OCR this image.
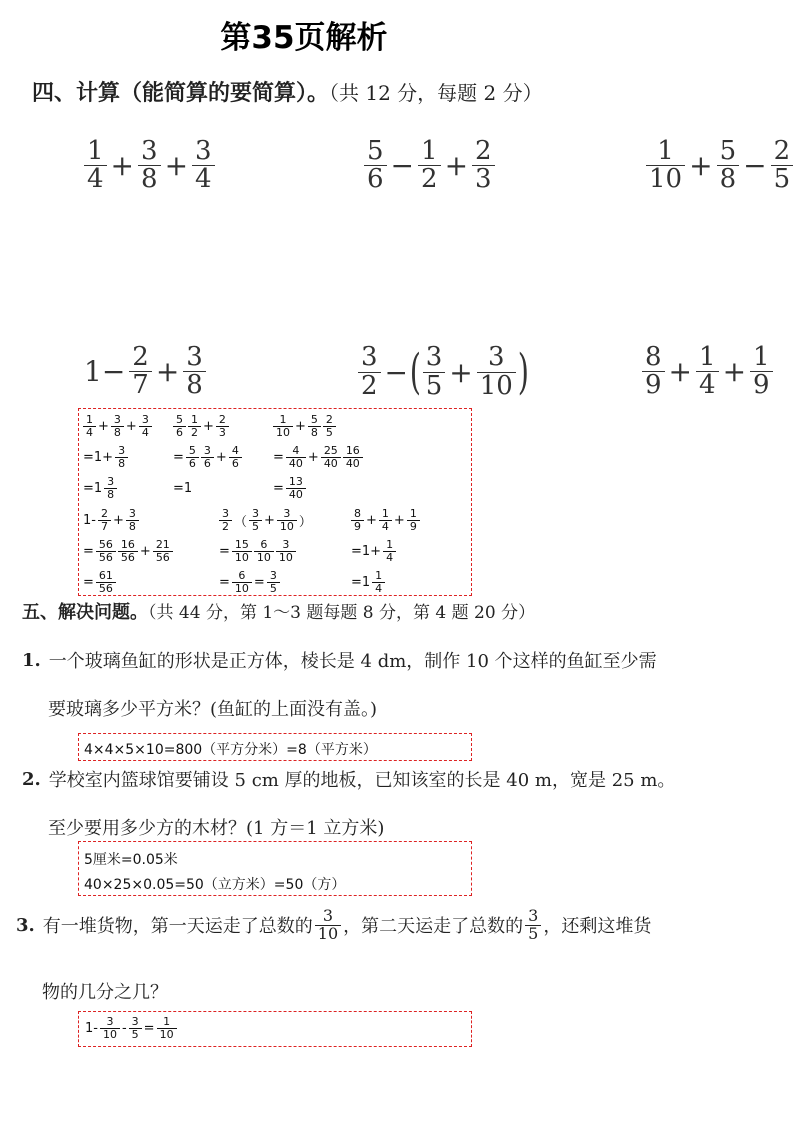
第35页解析
四、计算（能简算的要简算）。（共 12 分，每题 2 分）
$\frac{1}{4} + \frac{3}{8} + \frac{3}{4}$	$\frac{5}{6} - \frac{1}{2} + \frac{2}{3}$	$\frac{1}{10} + \frac{5}{8} - \frac{2}{5}$
$1- \frac{2}{7} + \frac{3}{8}$	$\frac{3}{2}$ − ( $\frac{3}{5} + \frac{3}{10}$ )	$\frac{8}{9} + \frac{1}{4} + \frac{1}{9}$
$\frac{1}{4} + \frac{3}{8} + \frac{3}{4}$
$=1+ \frac{3}{8}$
$=1 \frac{3}{8}$
$\frac{5}{6} \frac{1}{2} + \frac{2}{3}$
= $\frac{5}{6} \frac{3}{6} + \frac{4}{6}$
=1
$\frac{1}{10} + \frac{5}{8} \frac{2}{5}$
= $\frac{4}{40} + \frac{25}{40} \frac{16}{40}$
= $\frac{13}{40}$
$1- \frac{2}{7} + \frac{3}{8}$
= $\frac{56}{56} \frac{16}{56} + \frac{21}{56}$
= $\frac{61}{56}$
$\frac{3}{2}$ （ $\frac{3}{5} + \frac{3}{10}$ ）
= $\frac{15}{10} \frac{6}{10} \frac{3}{10}$
= $\frac{6}{10} = \frac{3}{5}$
$\frac{8}{9} + \frac{1}{4} + \frac{1}{9}$
$=1+ \frac{1}{4}$
$=1 \frac{1}{4}$
五、解决问题。（共 44 分，第 1～3 题每题 8 分，第 4 题 20 分）
1. 一个玻璃鱼缸的形状是正方体，棱长是 4 dm，制作 10 个这样的鱼缸至少需
要玻璃多少平方米？(鱼缸的上面没有盖。)
4×4×5×10=800（平方分米）=8（平方米）
2. 学校室内篮球馆要铺设 5 cm 厚的地板，已知该室的长是 40 m，宽是 25 m。
至少要用多少方的木材？(1 方＝1 立方米)
5厘米=0.05米
40×25×0.05=50（立方米）=50（方）
3. 有一堆货物，第一天运走了总数的 $\frac{3}{10}$ ，第二天运走了总数的 $\frac{3}{5}$ ，还剩这堆货
物的几分之几？
$1- \frac{3}{10} - \frac{3}{5} = \frac{1}{10}$
